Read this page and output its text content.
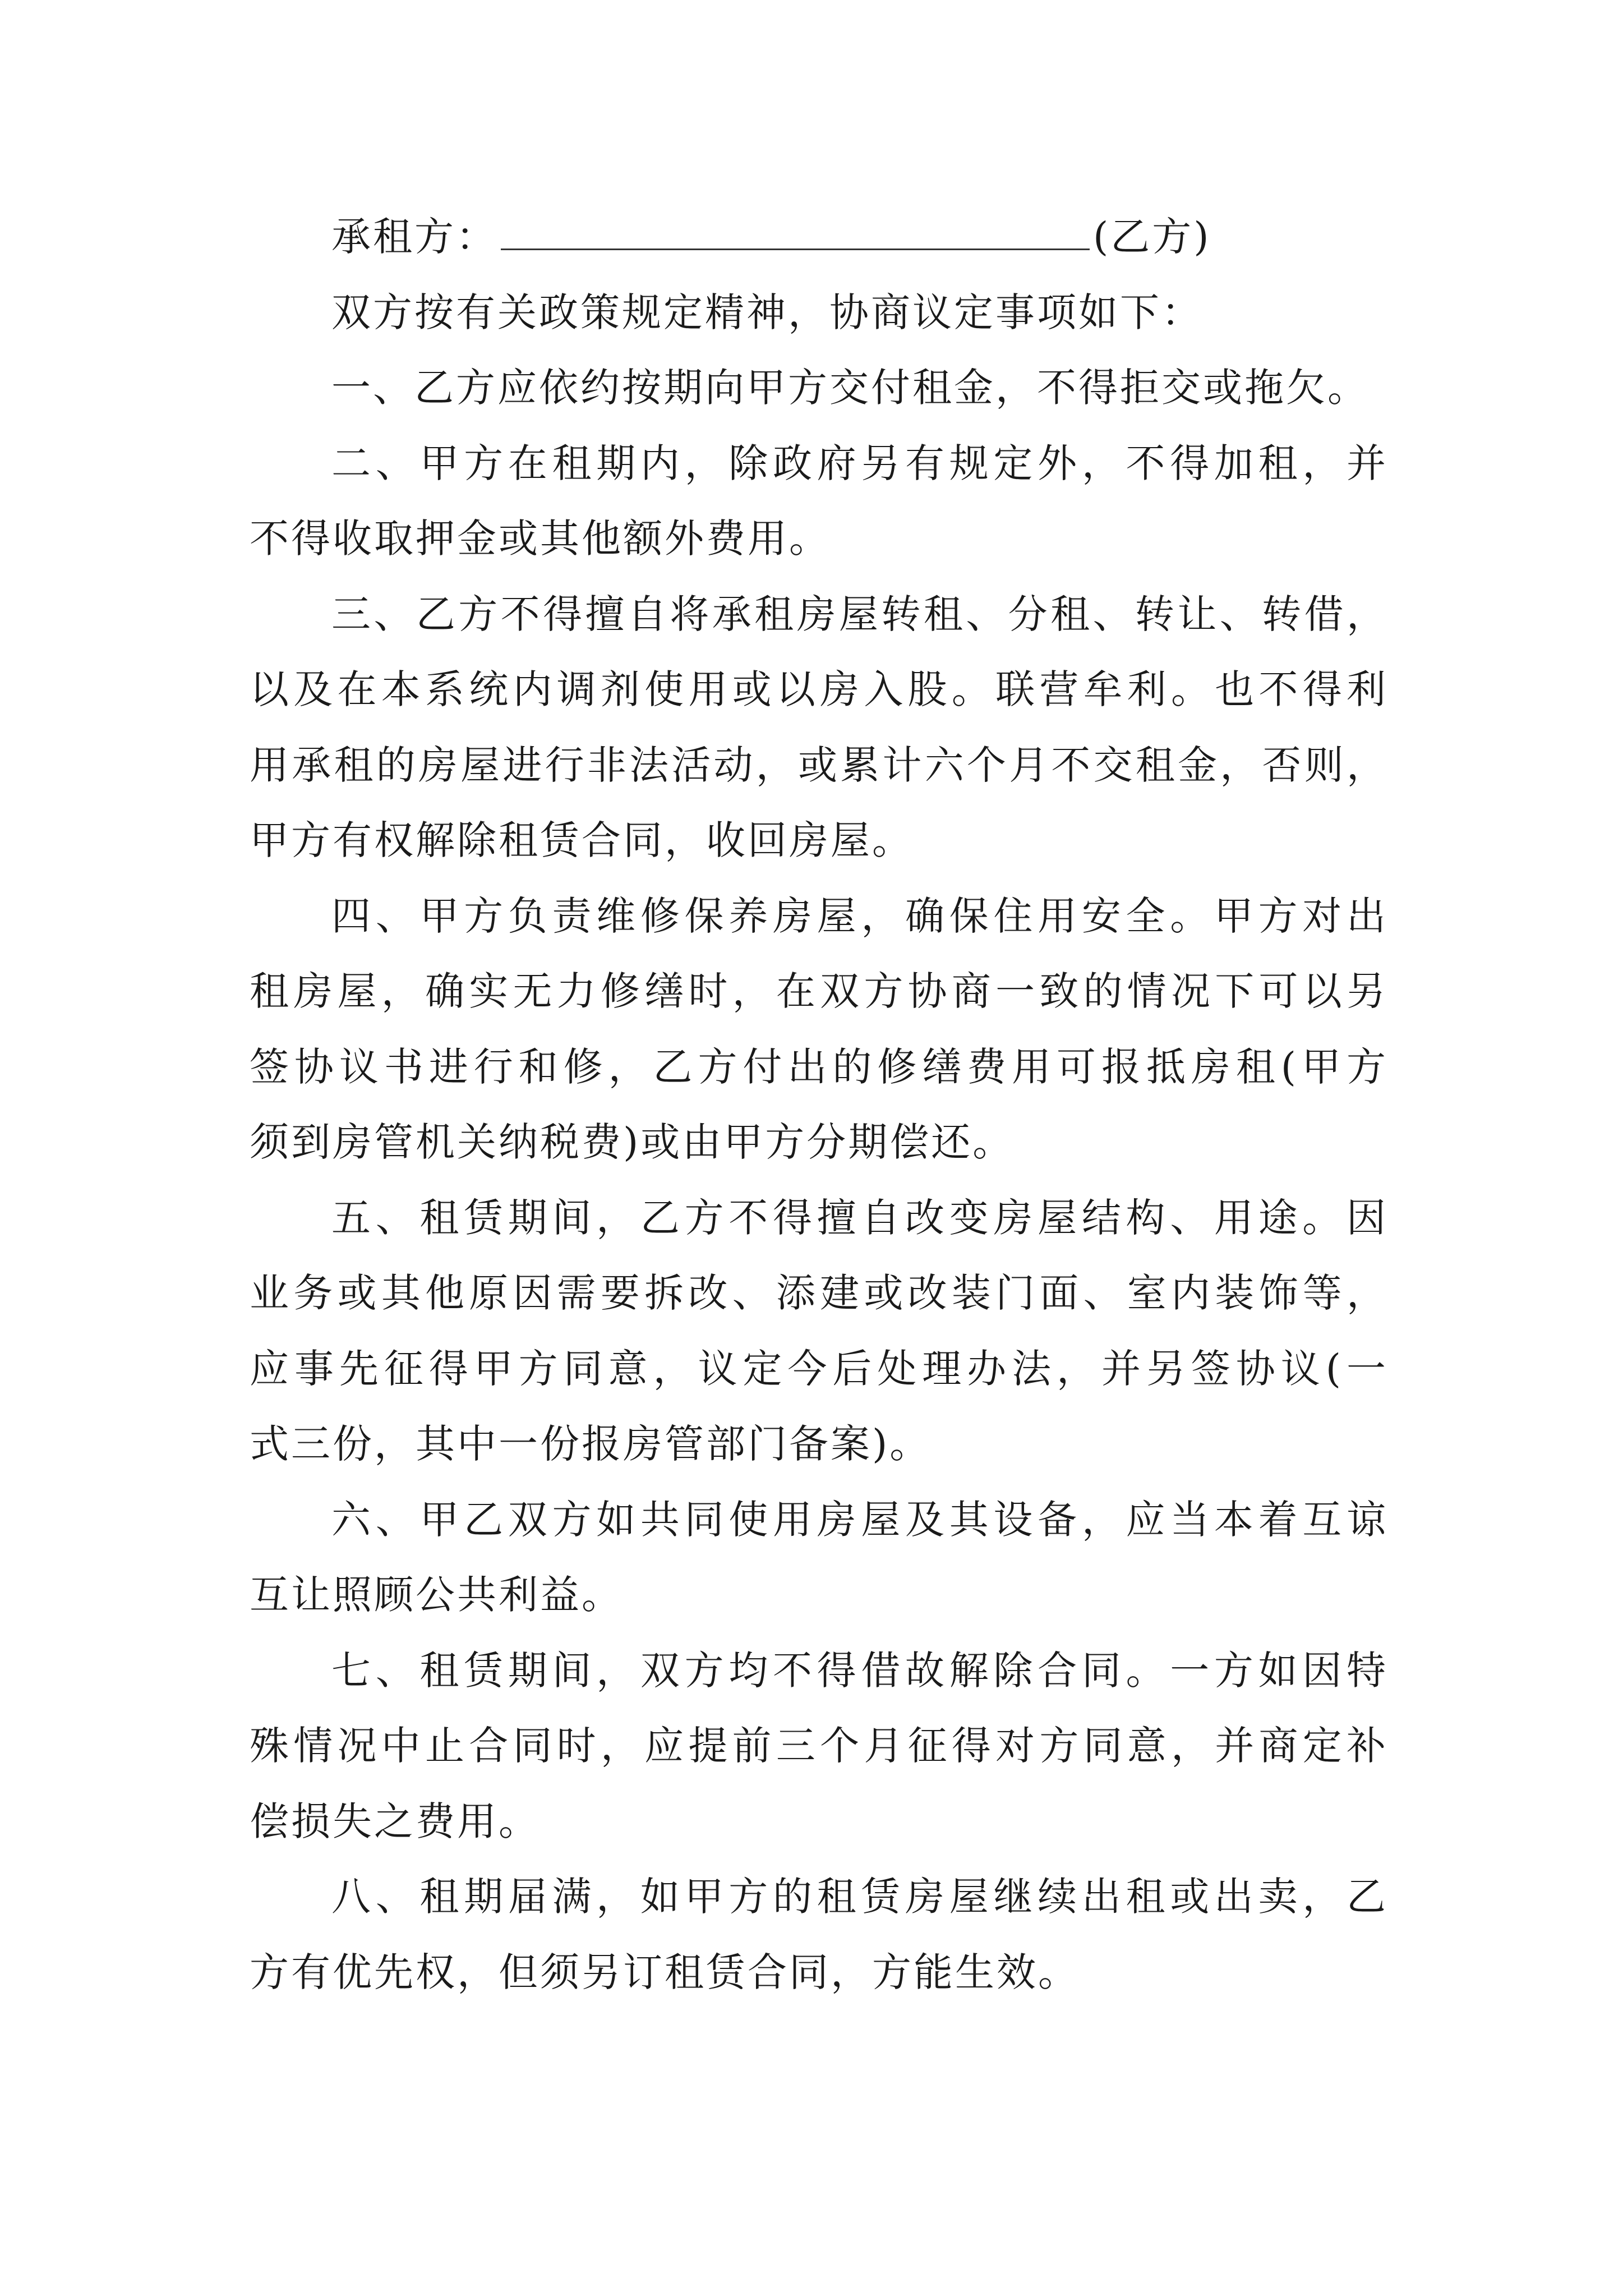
承租方：	(乙方)
双方按有关政策规定精神，协商议定事项如下：
一、乙方应依约按期向甲方交付租金，不得拒交或拖欠。
二、甲方在租期内，除政府另有规定外，不得加租，并
不得收取押金或其他额外费用。
三、乙方不得擅自将承租房屋转租、分租、转让、转借，
以及在本系统内调剂使用或以房入股。联营牟利。也不得利
用承租的房屋进行非法活动，或累计六个月不交租金，否则，
甲方有权解除租赁合同，收回房屋。
四、甲方负责维修保养房屋，确保住用安全。甲方对出
租房屋，确实无力修缮时，在双方协商一致的情况下可以另
签协议书进行和修，乙方付出的修缮费用可报抵房租(甲方
须到房管机关纳税费)或由甲方分期偿还。
五、租赁期间，乙方不得擅自改变房屋结构、用途。因
业务或其他原因需要拆改、添建或改装门面、室内装饰等，
应事先征得甲方同意，议定今后处理办法，并另签协议(一
式三份，其中一份报房管部门备案)。
六、甲乙双方如共同使用房屋及其设备，应当本着互谅
互让照顾公共利益。
七、租赁期间，双方均不得借故解除合同。一方如因特
殊情况中止合同时，应提前三个月征得对方同意，并商定补
偿损失之费用。
八、租期届满，如甲方的租赁房屋继续出租或出卖，乙
方有优先权，但须另订租赁合同，方能生效。
